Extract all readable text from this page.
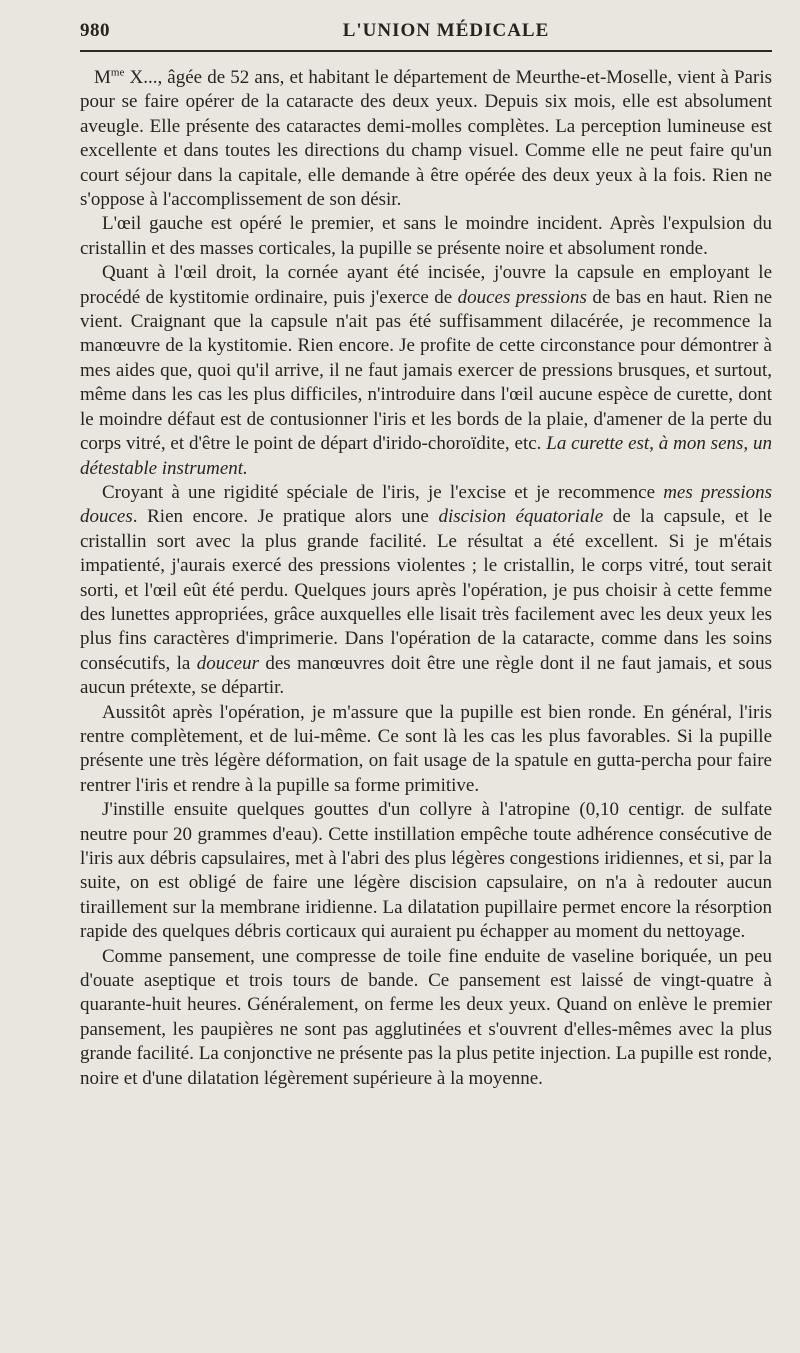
980	L'UNION MÉDICALE

$M^{me}$ X..., âgée de 52 ans, et habitant le département de Meurthe-et-Moselle, vient à Paris pour se faire opérer de la cataracte des deux yeux. Depuis six mois, elle est absolument aveugle. Elle présente des cataractes demi-molles complètes. La perception lumineuse est excellente et dans toutes les directions du champ visuel. Comme elle ne peut faire qu'un court séjour dans la capitale, elle demande à être opérée des deux yeux à la fois. Rien ne s'oppose à l'accomplissement de son désir.

L'œil gauche est opéré le premier, et sans le moindre incident. Après l'expulsion du cristallin et des masses corticales, la pupille se présente noire et absolument ronde.

Quant à l'œil droit, la cornée ayant été incisée, j'ouvre la capsule en employant le procédé de kystitomie ordinaire, puis j'exerce de douces pressions de bas en haut. Rien ne vient. Craignant que la capsule n'ait pas été suffisamment dilacérée, je recommence la manœuvre de la kystitomie. Rien encore. Je profite de cette circonstance pour démontrer à mes aides que, quoi qu'il arrive, il ne faut jamais exercer de pressions brusques, et surtout, même dans les cas les plus difficiles, n'introduire dans l'œil aucune espèce de curette, dont le moindre défaut est de contusionner l'iris et les bords de la plaie, d'amener de la perte du corps vitré, et d'être le point de départ d'irido-choroïdite, etc. La curette est, à mon sens, un détestable instrument.

Croyant à une rigidité spéciale de l'iris, je l'excise et je recommence mes pressions douces. Rien encore. Je pratique alors une discision équatoriale de la capsule, et le cristallin sort avec la plus grande facilité. Le résultat a été excellent. Si je m'étais impatienté, j'aurais exercé des pressions violentes ; le cristallin, le corps vitré, tout serait sorti, et l'œil eût été perdu. Quelques jours après l'opération, je pus choisir à cette femme des lunettes appropriées, grâce auxquelles elle lisait très facilement avec les deux yeux les plus fins caractères d'imprimerie. Dans l'opération de la cataracte, comme dans les soins consécutifs, la douceur des manœuvres doit être une règle dont il ne faut jamais, et sous aucun prétexte, se départir.

Aussitôt après l'opération, je m'assure que la pupille est bien ronde. En général, l'iris rentre complètement, et de lui-même. Ce sont là les cas les plus favorables. Si la pupille présente une très légère déformation, on fait usage de la spatule en gutta-percha pour faire rentrer l'iris et rendre à la pupille sa forme primitive.

J'instille ensuite quelques gouttes d'un collyre à l'atropine (0,10 centigr. de sulfate neutre pour 20 grammes d'eau). Cette instillation empêche toute adhérence consécutive de l'iris aux débris capsulaires, met à l'abri des plus légères congestions iridiennes, et si, par la suite, on est obligé de faire une légère discision capsulaire, on n'a à redouter aucun tiraillement sur la membrane iridienne. La dilatation pupillaire permet encore la résorption rapide des quelques débris corticaux qui auraient pu échapper au moment du nettoyage.

Comme pansement, une compresse de toile fine enduite de vaseline boriquée, un peu d'ouate aseptique et trois tours de bande. Ce pansement est laissé de vingt-quatre à quarante-huit heures. Généralement, on ferme les deux yeux. Quand on enlève le premier pansement, les paupières ne sont pas agglutinées et s'ouvrent d'elles-mêmes avec la plus grande facilité. La conjonctive ne présente pas la plus petite injection. La pupille est ronde, noire et d'une dilatation légèrement supérieure à la moyenne.
